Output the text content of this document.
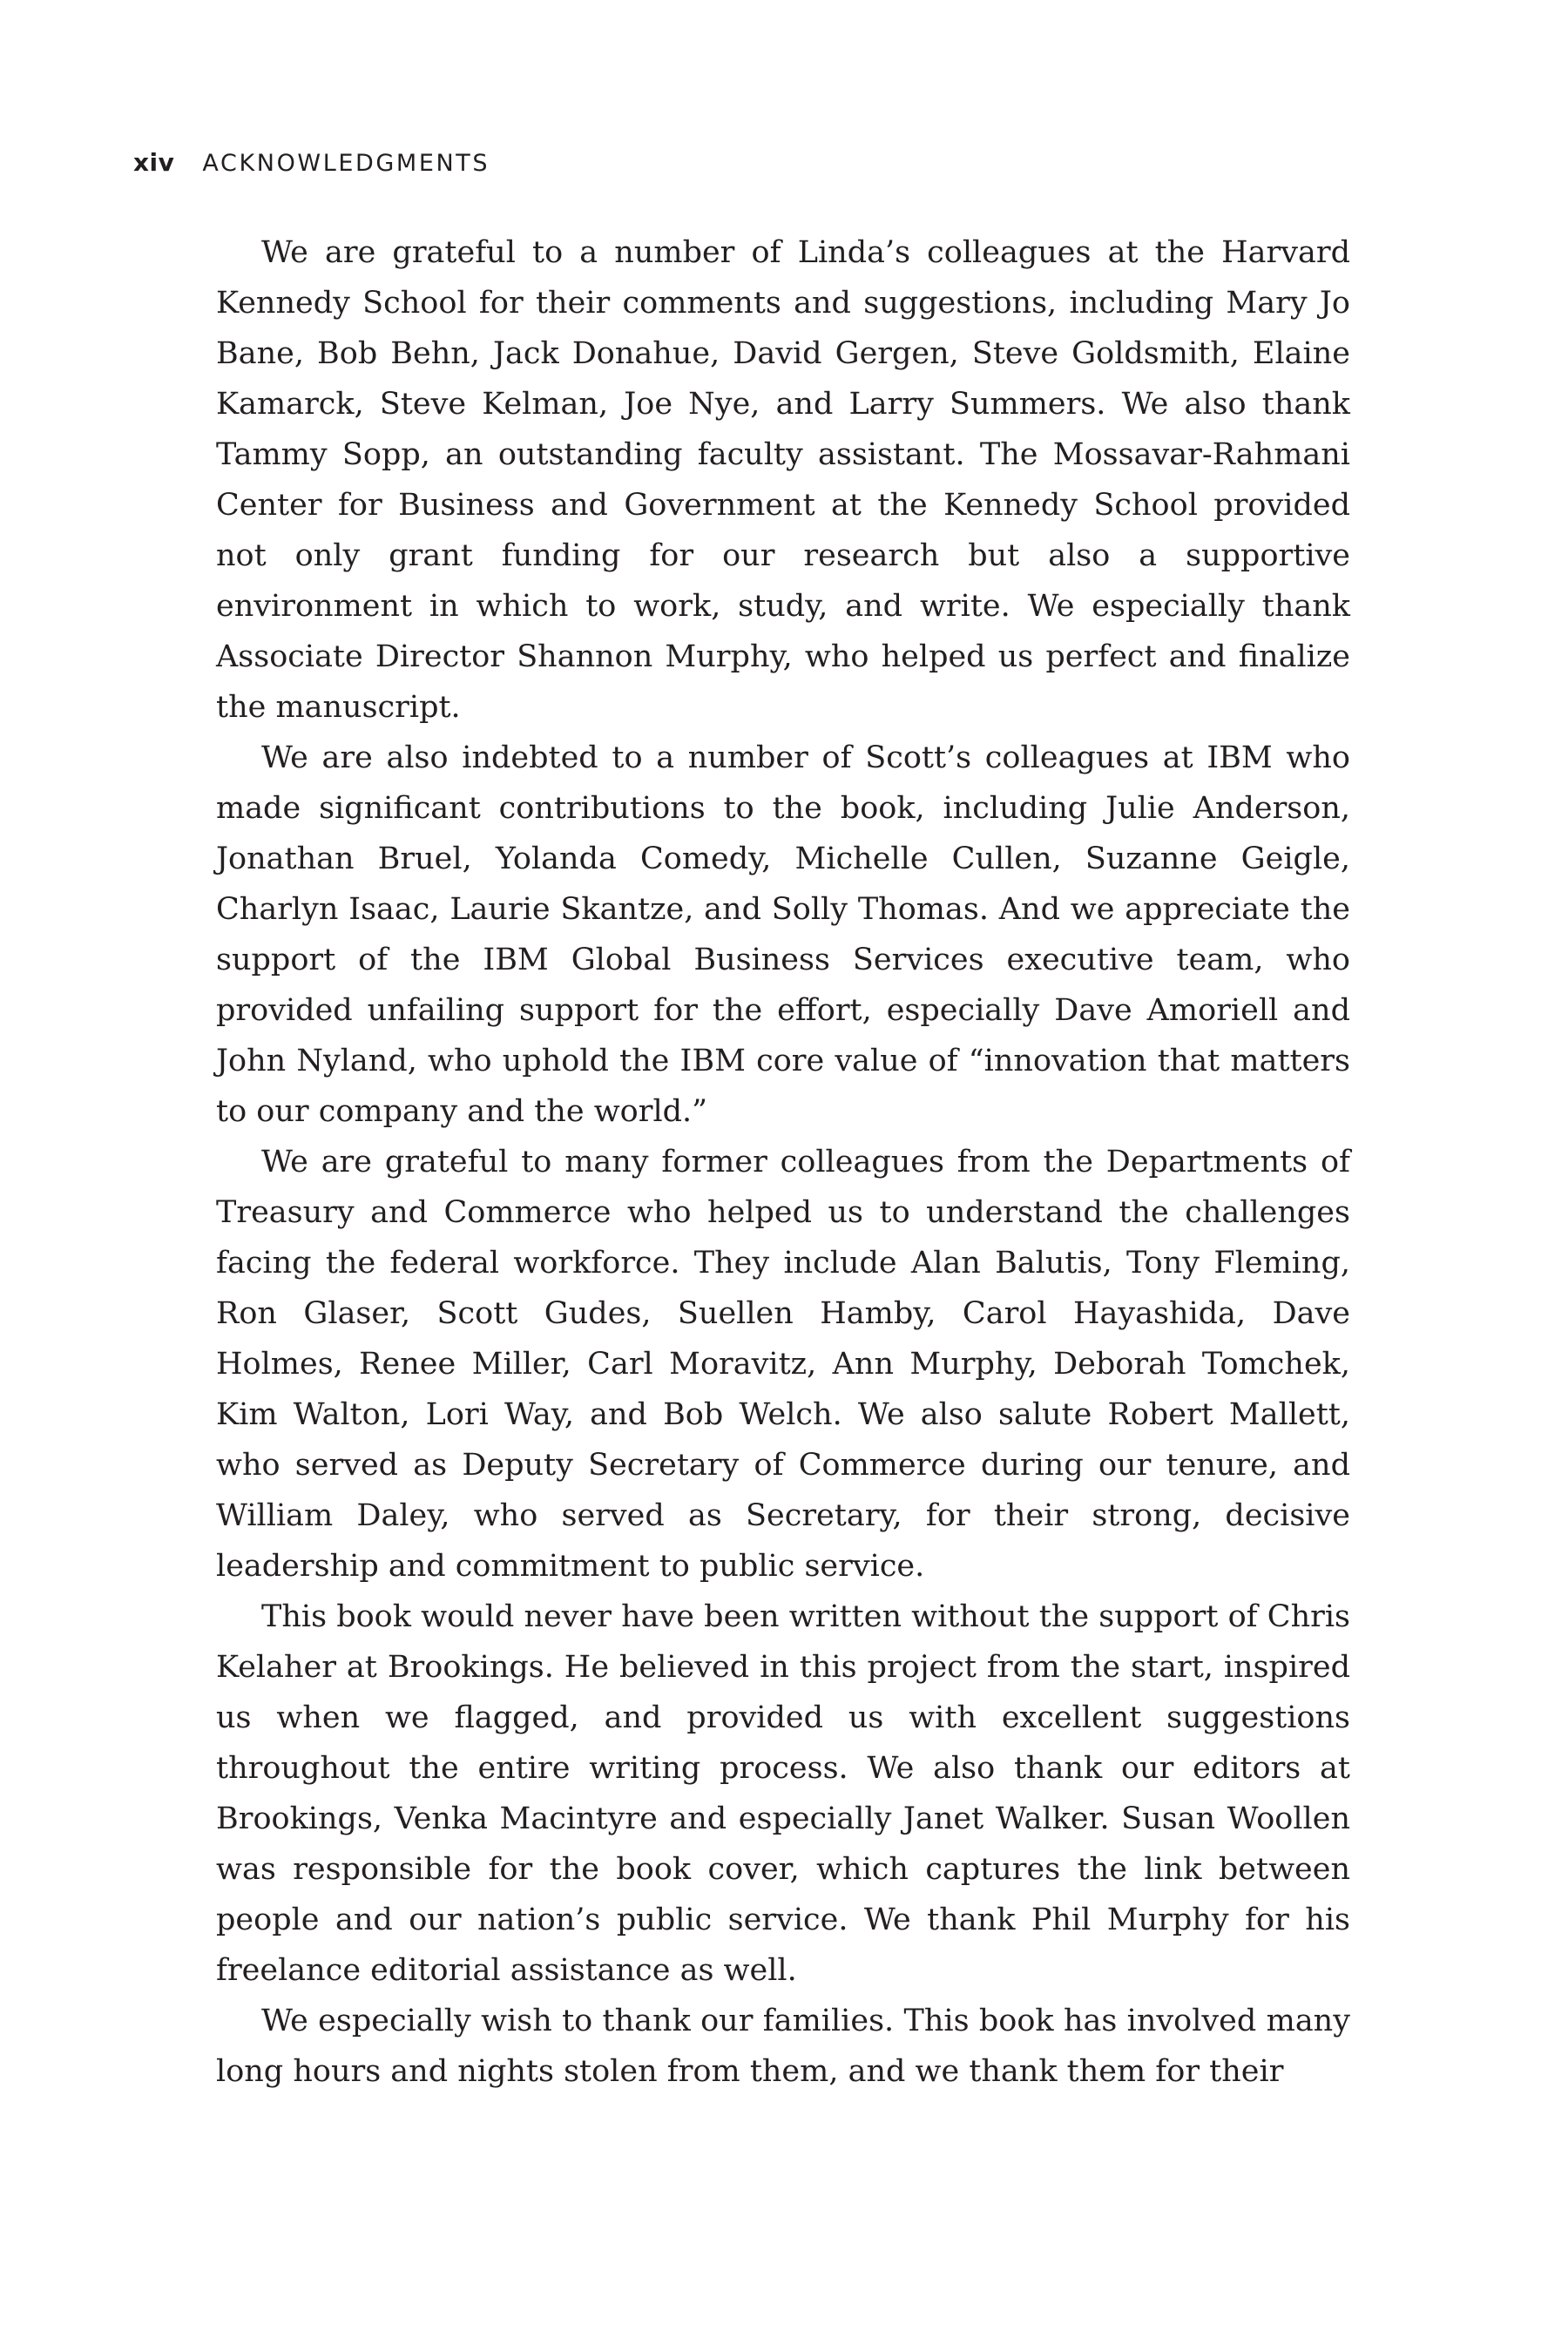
xiv ACKNOWLEDGMENTS

We are grateful to a number of Linda’s colleagues at the Harvard Kennedy School for their comments and suggestions, including Mary Jo Bane, Bob Behn, Jack Donahue, David Gergen, Steve Goldsmith, Elaine Kamarck, Steve Kelman, Joe Nye, and Larry Summers. We also thank Tammy Sopp, an outstanding faculty assistant. The Mossavar-Rahmani Center for Business and Government at the Kennedy School provided not only grant funding for our research but also a supportive environment in which to work, study, and write. We especially thank Associate Director Shannon Murphy, who helped us perfect and finalize the manuscript.

We are also indebted to a number of Scott’s colleagues at IBM who made significant contributions to the book, including Julie Anderson, Jonathan Bruel, Yolanda Comedy, Michelle Cullen, Suzanne Geigle, Charlyn Isaac, Laurie Skantze, and Solly Thomas. And we appreciate the support of the IBM Global Business Services executive team, who provided unfailing support for the effort, especially Dave Amoriell and John Nyland, who uphold the IBM core value of “innovation that matters to our company and the world.”

We are grateful to many former colleagues from the Departments of Treasury and Commerce who helped us to understand the challenges facing the federal workforce. They include Alan Balutis, Tony Fleming, Ron Glaser, Scott Gudes, Suellen Hamby, Carol Hayashida, Dave Holmes, Renee Miller, Carl Moravitz, Ann Murphy, Deborah Tomchek, Kim Walton, Lori Way, and Bob Welch. We also salute Robert Mallett, who served as Deputy Secretary of Commerce during our tenure, and William Daley, who served as Secretary, for their strong, decisive leadership and commitment to public service.

This book would never have been written without the support of Chris Kelaher at Brookings. He believed in this project from the start, inspired us when we flagged, and provided us with excellent suggestions throughout the entire writing process. We also thank our editors at Brookings, Venka Macintyre and especially Janet Walker. Susan Woollen was responsible for the book cover, which captures the link between people and our nation’s public service. We thank Phil Murphy for his freelance editorial assistance as well.

We especially wish to thank our families. This book has involved many long hours and nights stolen from them, and we thank them for their
